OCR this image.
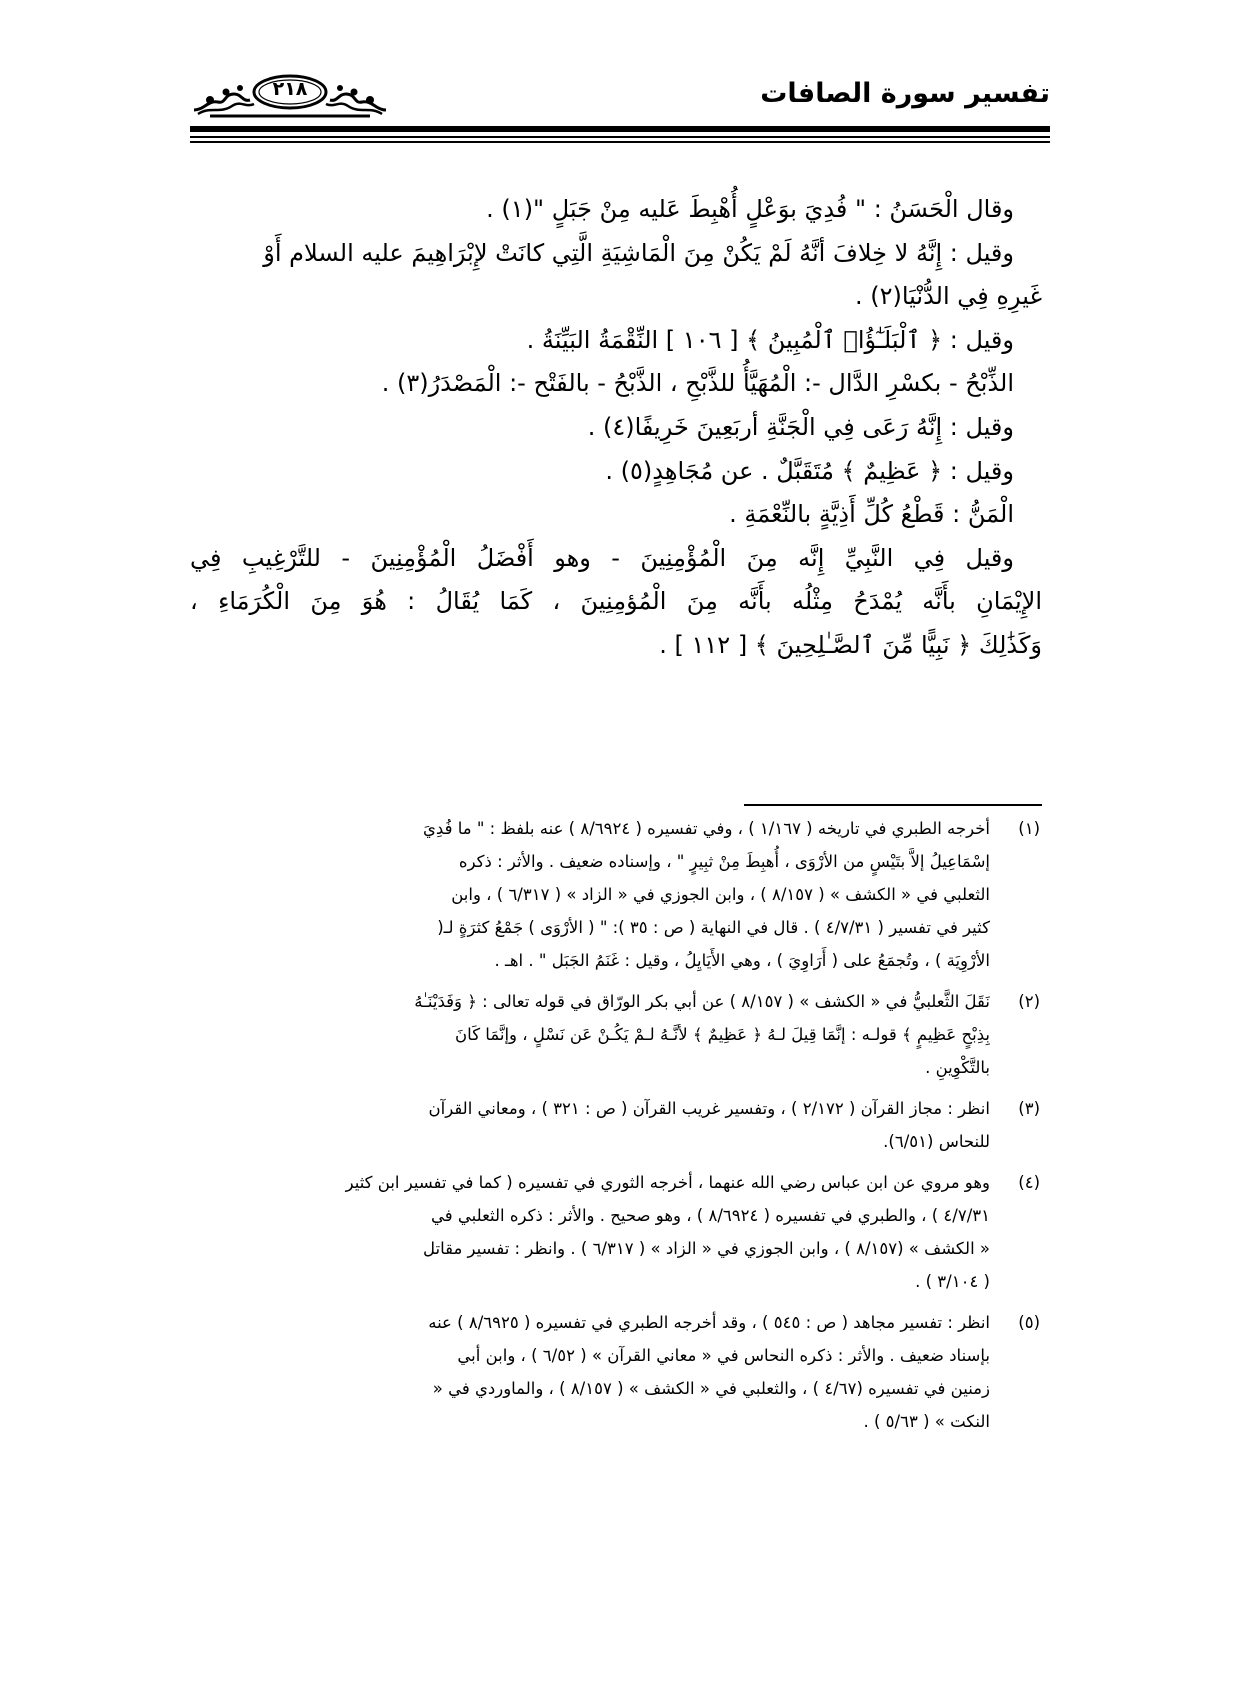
تفسير سورة الصافات
٢١٨

وقال الْحَسَنُ : " فُدِيَ بوَعْلٍ أُهْبِطَ عَليه مِنْ جَبَلٍ "(١) .

وقيل : إِنَّهُ لا خِلافَ أنَّهُ لَمْ يَكُنْ مِنَ الْمَاشِيَةِ الَّتِي كانَتْ لإِبْرَاهِيمَ عليه السلام أَوْ

غَيرِهِ فِي الدُّنْيَا(٢) .

وقيل : ﴿ ٱلْبَلَـٰٓؤُا۟ ٱلْمُبِينُ ﴾ [ ١٠٦ ] النِّقْمَةُ البَيِّنَةُ .

الذِّبْحُ - بكسْرِ الدَّال -: الْمُهَيَّأُ للذَّبْحِ ، الذَّبْحُ - بالفَتْح -: الْمَصْدَرُ(٣) .

وقيل : إِنَّهُ رَعَى فِي الْجَنَّةِ أربَعِينَ خَرِيفًا(٤) .

وقيل : ﴿ عَظِيمٌ ﴾ مُتَقَبَّلٌ . عن مُجَاهِدٍ(٥) .

الْمَنُّ : قَطْعُ كُلِّ أَذِيَّةٍ بالنِّعْمَةِ .

وقيل فِي النَّبِيِّ إِنَّه مِنَ الْمُؤْمِنِينَ - وهو أَفْضَلُ الْمُؤْمِنِينَ - للتَّرْغِيبِ فِي

الإِيْمَانِ بأَنَّه يُمْدَحُ مِثْلُه بأَنَّه مِنَ الْمُؤمِنِينَ ، كَمَا يُقَالُ : هُوَ مِنَ الْكُرَمَاءِ ،

وَكَذَٰلِكَ ﴿ نَبِيًّا مِّنَ ٱلصَّـٰلِحِينَ ﴾ [ ١١٢ ] .

(١)
أخرجه الطبري في تاريخه ( ١/١٦٧ ) ، وفي تفسيره ( ٨/٦٩٢٤ ) عنه بلفظ : " ما فُدِيَ
إسْمَاعِيلُ إلاَّ بتَيْسٍ من الأرْوَى ، أُهبِطَ مِنْ ثبِيرٍ " ، وإسناده ضعيف . والأثر : ذكره
الثعلبي في « الكشف » ( ٨/١٥٧ ) ، وابن الجوزي في « الزاد » ( ٦/٣١٧ ) ، وابن
كثير في تفسير ( ٤/٧/٣١ ) . قال في النهاية ( ص : ٣٥ ): " ( الأرْوَى ) جَمْعُ كثرَةٍ لـ(
الأرْوِيَة ) ، وتُجمَعُ على ( أَرَاوِيَ ) ، وهي الأَيَايِلُ ، وقيل : غَنَمُ الجَبَل " . اهـ .
(٢)
نَقَلَ الثَّعلبيُّ في « الكشف » ( ٨/١٥٧ ) عن أبي بكر الورّاق في قوله تعالى : ﴿ وَفَدَيْنَـٰهُ
بِذِبْحٍ عَظِيمٍ ﴾ قولـه : إنَّمَا قِيلَ لـهُ ﴿ عَظِيمٌ ﴾ لأنَّـهُ لـمْ يَكُـنْ عَن نَسْلٍ ، وإنَّمَا كَانَ
بالتَّكْوِينِ .
(٣)
انظر : مجاز القرآن ( ٢/١٧٢ ) ، وتفسير غريب القرآن ( ص : ٣٢١ ) ، ومعاني القرآن
للنحاس (٦/٥١).
(٤)
وهو مروي عن ابن عباس رضي الله عنهما ، أخرجه الثوري في تفسيره ( كما في تفسير ابن كثير
٤/٧/٣١ ) ، والطبري في تفسيره ( ٨/٦٩٢٤ ) ، وهو صحيح . والأثر : ذكره الثعلبي في
« الكشف » (٨/١٥٧ ) ، وابن الجوزي في « الزاد » ( ٦/٣١٧ ) . وانظر : تفسير مقاتل
( ٣/١٠٤ ) .
(٥)
انظر : تفسير مجاهد ( ص : ٥٤٥ ) ، وقد أخرجه الطبري في تفسيره ( ٨/٦٩٢٥ ) عنه
بإسناد ضعيف . والأثر : ذكره النحاس في « معاني القرآن » ( ٦/٥٢ ) ، وابن أبي
زمنين في تفسيره (٤/٦٧ ) ، والثعلبي في « الكشف » ( ٨/١٥٧ ) ، والماوردي في «
النكت » ( ٥/٦٣ ) .
